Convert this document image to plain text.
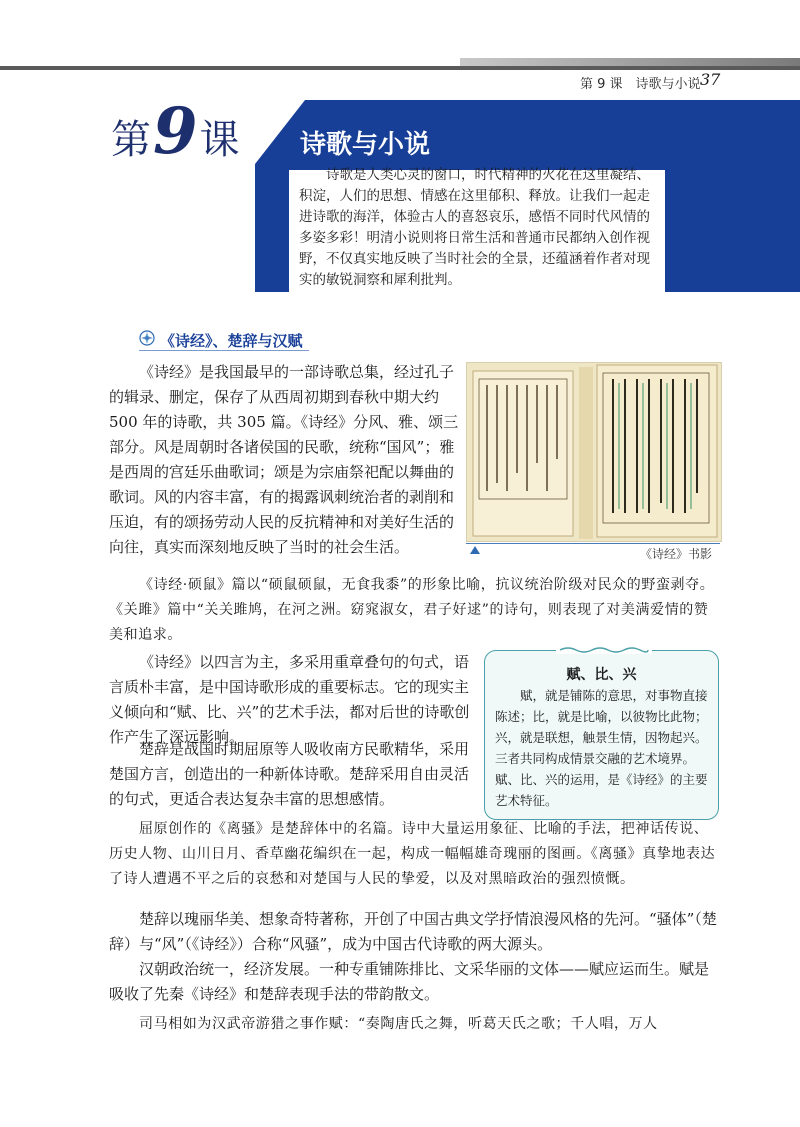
第 9 课　诗歌与小说 37
第9课 诗歌与小说

诗歌是人类心灵的窗口，时代精神的火花在这里凝结、积淀，人们的思想、情感在这里郁积、释放。让我们一起走进诗歌的海洋，体验古人的喜怒哀乐，感悟不同时代风情的多姿多彩！明清小说则将日常生活和普通市民都纳入创作视野，不仅真实地反映了当时社会的全景，还蕴涵着作者对现实的敏锐洞察和犀利批判。

《诗经》、楚辞与汉赋

《诗经》是我国最早的一部诗歌总集，经过孔子的辑录、删定，保存了从西周初期到春秋中期大约 500 年的诗歌，共 305 篇。《诗经》分风、雅、颂三部分。风是周朝时各诸侯国的民歌，统称“国风”；雅是西周的宫廷乐曲歌词；颂是为宗庙祭祀配以舞曲的歌词。风的内容丰富，有的揭露讽刺统治者的剥削和压迫，有的颂扬劳动人民的反抗精神和对美好生活的向往，真实而深刻地反映了当时的社会生活。	《诗经》书影

《诗经·硕鼠》篇以“硕鼠硕鼠，无食我黍”的形象比喻，抗议统治阶级对民众的野蛮剥夺。《关雎》篇中“关关雎鸠，在河之洲。窈窕淑女，君子好逑”的诗句，则表现了对美满爱情的赞美和追求。

《诗经》以四言为主，多采用重章叠句的句式，语言质朴丰富，是中国诗歌形成的重要标志。它的现实主义倾向和“赋、比、兴”的艺术手法，都对后世的诗歌创作产生了深远影响。

楚辞是战国时期屈原等人吸收南方民歌精华，采用楚国方言，创造出的一种新体诗歌。楚辞采用自由灵活的句式，更适合表达复杂丰富的思想感情。

赋、比、兴

赋，就是铺陈的意思，对事物直接陈述；比，就是比喻，以彼物比此物；兴，就是联想，触景生情，因物起兴。三者共同构成情景交融的艺术境界。赋、比、兴的运用，是《诗经》的主要艺术特征。

屈原创作的《离骚》是楚辞体中的名篇。诗中大量运用象征、比喻的手法，把神话传说、历史人物、山川日月、香草幽花编织在一起，构成一幅幅雄奇瑰丽的图画。《离骚》真挚地表达了诗人遭遇不平之后的哀愁和对楚国与人民的挚爱，以及对黑暗政治的强烈愤慨。

楚辞以瑰丽华美、想象奇特著称，开创了中国古典文学抒情浪漫风格的先河。“骚体”（楚辞）与“风”（《诗经》）合称“风骚”，成为中国古代诗歌的两大源头。

汉朝政治统一，经济发展。一种专重铺陈排比、文采华丽的文体——赋应运而生。赋是吸收了先秦《诗经》和楚辞表现手法的带韵散文。

司马相如为汉武帝游猎之事作赋：“奏陶唐氏之舞，听葛天氏之歌；千人唱，万人
